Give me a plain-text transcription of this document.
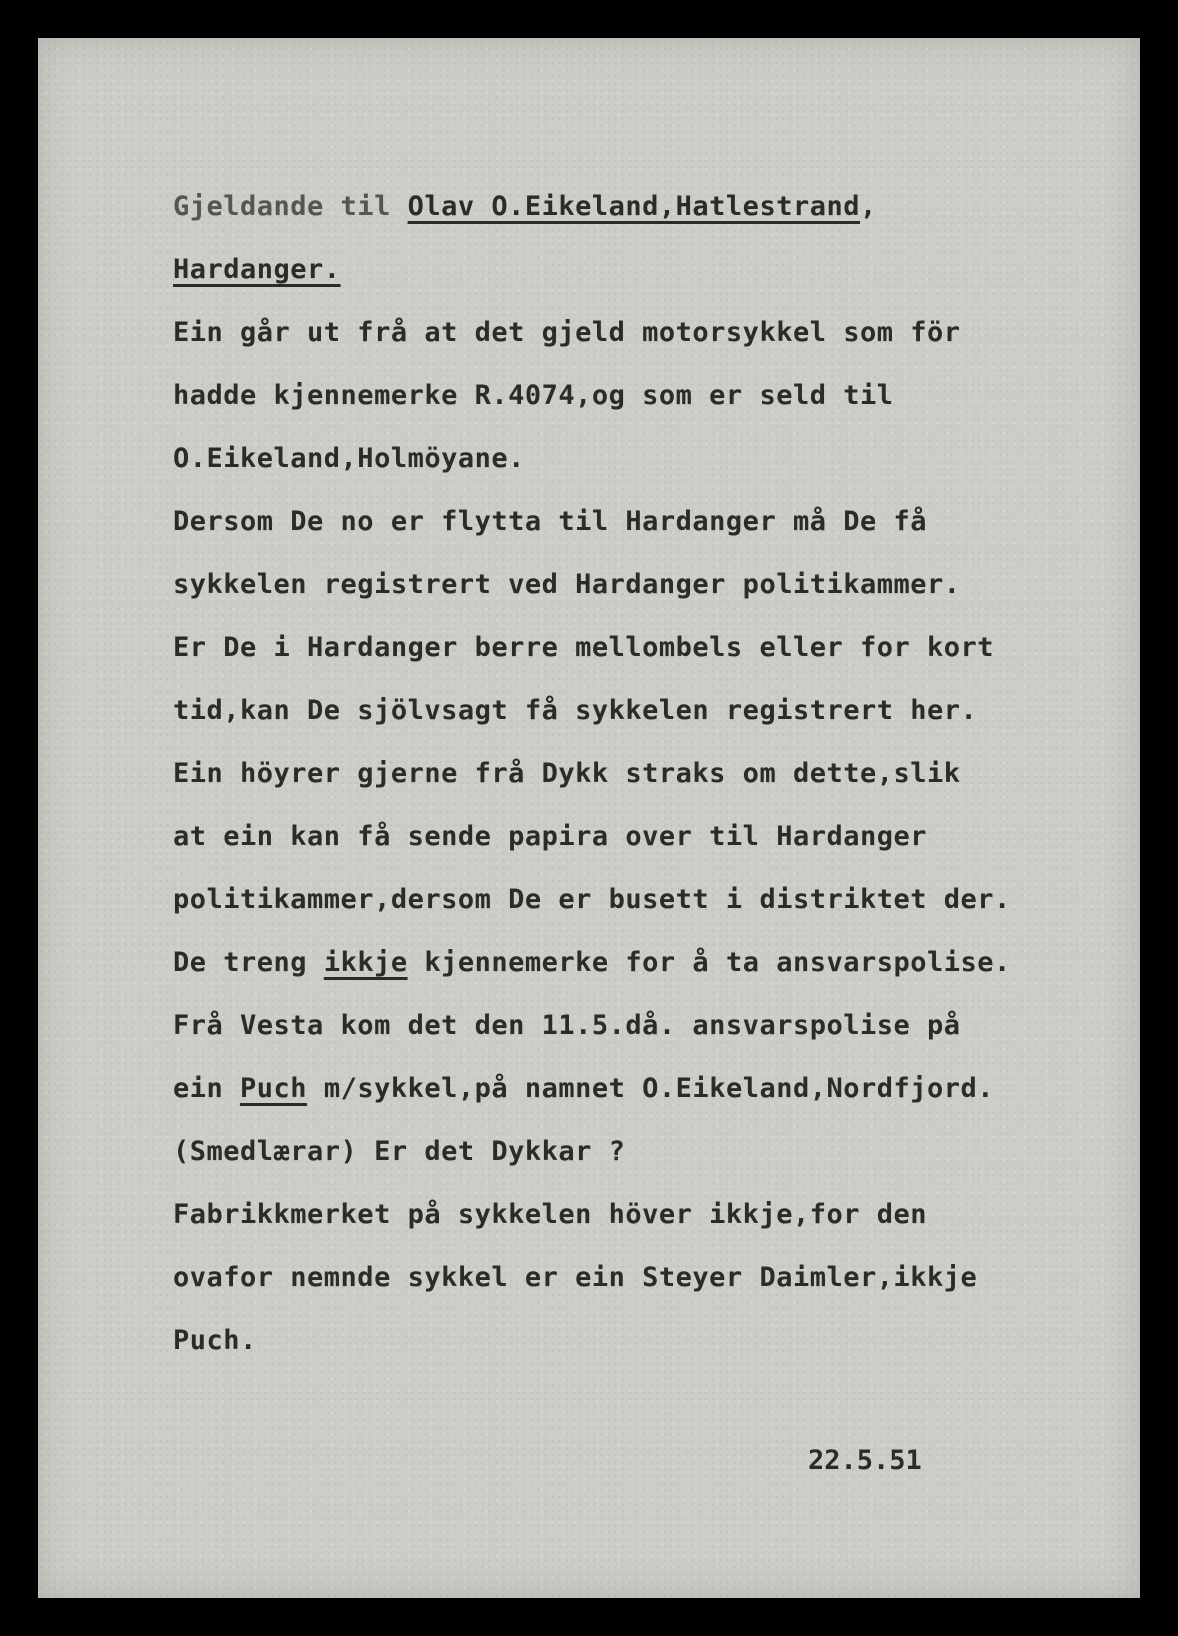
Gjeldande til Olav O.Eikeland,Hatlestrand,

Hardanger.

Ein går ut frå at det gjeld motorsykkel som för

hadde kjennemerke R.4074,og som er seld til

O.Eikeland,Holmöyane.

Dersom De no er flytta til Hardanger må De få

sykkelen registrert ved Hardanger politikammer.

Er De i Hardanger berre mellombels eller for kort

tid,kan De sjölvsagt få sykkelen registrert her.

Ein höyrer gjerne frå Dykk straks om dette,slik

at ein kan få sende papira over til Hardanger

politikammer,dersom De er busett i distriktet der.

De treng ikkje kjennemerke for å ta ansvarspolise.

Frå Vesta kom det den 11.5.då. ansvarspolise på

ein Puch m/sykkel,på namnet O.Eikeland,Nordfjord.

(Smedlærar) Er det Dykkar ?

Fabrikkmerket på sykkelen höver ikkje,for den

ovafor nemnde sykkel er ein Steyer Daimler,ikkje

Puch.

22.5.51
